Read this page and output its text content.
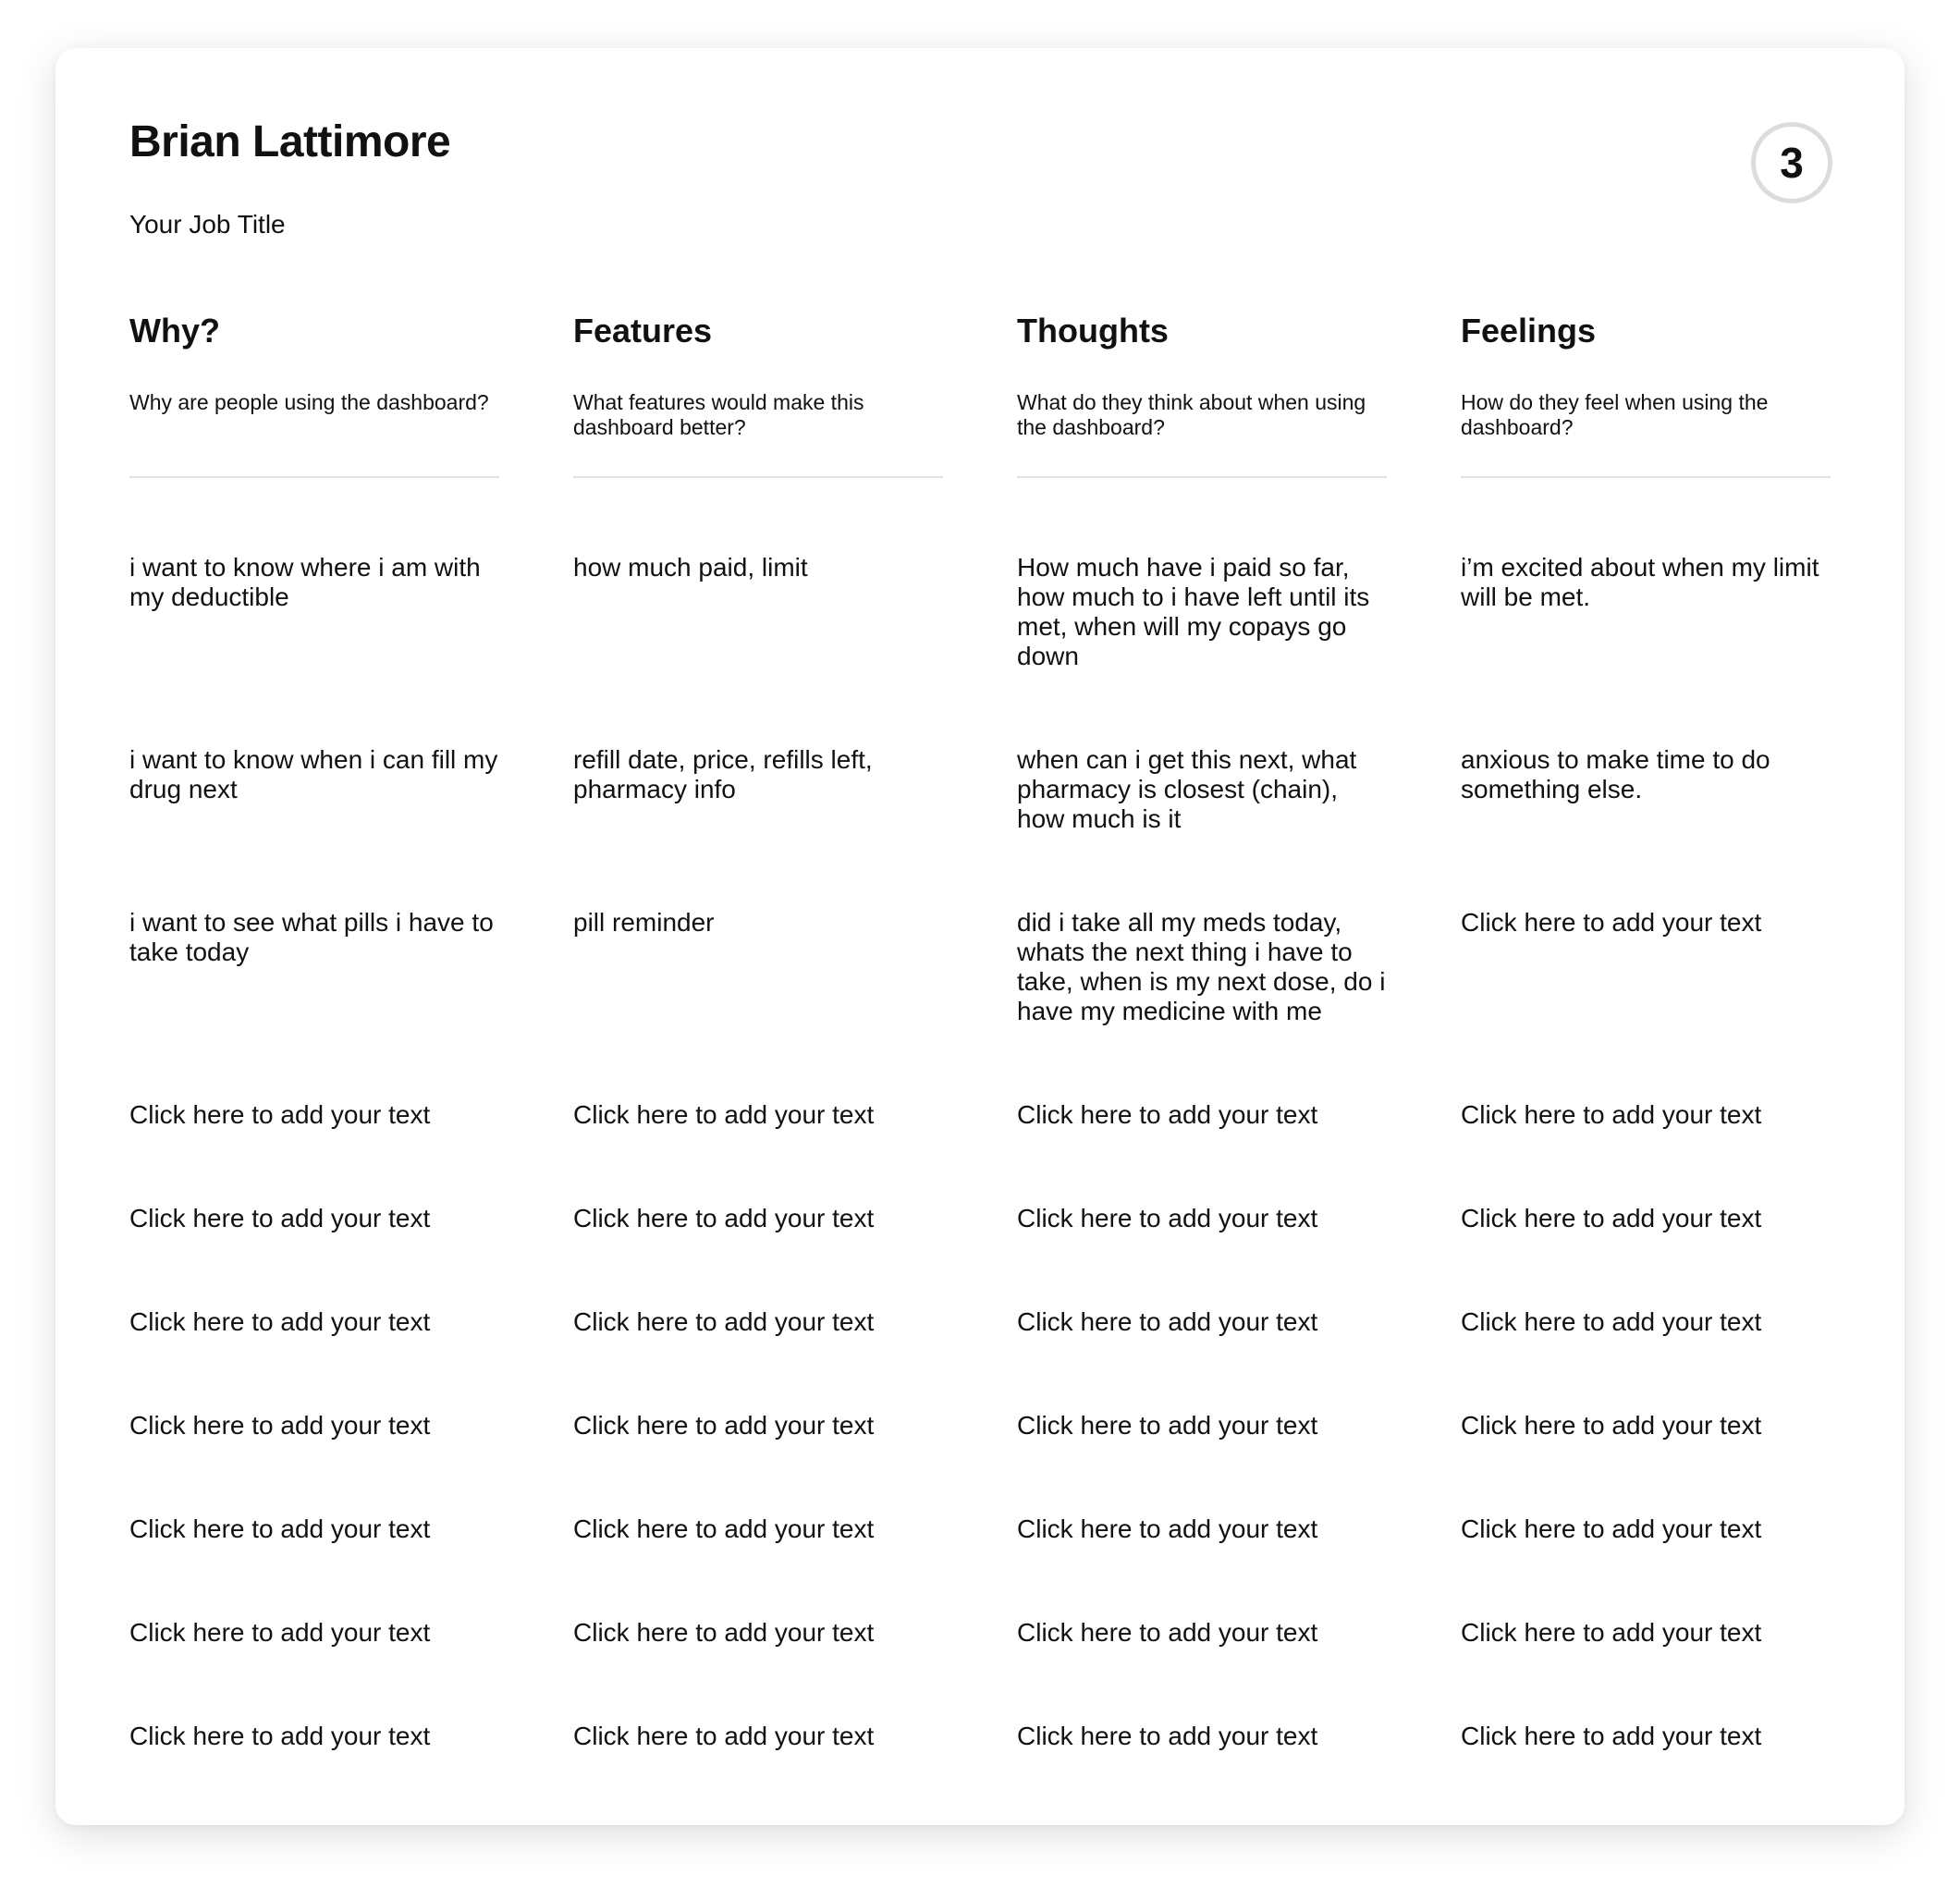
Brian Lattimore
Your Job Title
3
Why?
Why are people using the dashboard?
i want to know where i am with my deductible
i want to know when i can fill my drug next
i want to see what pills i have to take today
Click here to add your text
Click here to add your text
Click here to add your text
Click here to add your text
Click here to add your text
Click here to add your text
Click here to add your text
Features
What features would make this dashboard better?
how much paid, limit
refill date, price, refills left, pharmacy info
pill reminder
Click here to add your text
Click here to add your text
Click here to add your text
Click here to add your text
Click here to add your text
Click here to add your text
Click here to add your text
Thoughts
What do they think about when using the dashboard?
How much have i paid so far, how much to i have left until its met, when will my copays go down
when can i get this next, what pharmacy is closest (chain), how much is it
did i take all my meds today, whats the next thing i have to take, when is my next dose, do i have my medicine with me
Click here to add your text
Click here to add your text
Click here to add your text
Click here to add your text
Click here to add your text
Click here to add your text
Click here to add your text
Feelings
How do they feel when using the dashboard?
i’m excited about when my limit will be met.
anxious to make time to do something else.
Click here to add your text
Click here to add your text
Click here to add your text
Click here to add your text
Click here to add your text
Click here to add your text
Click here to add your text
Click here to add your text
